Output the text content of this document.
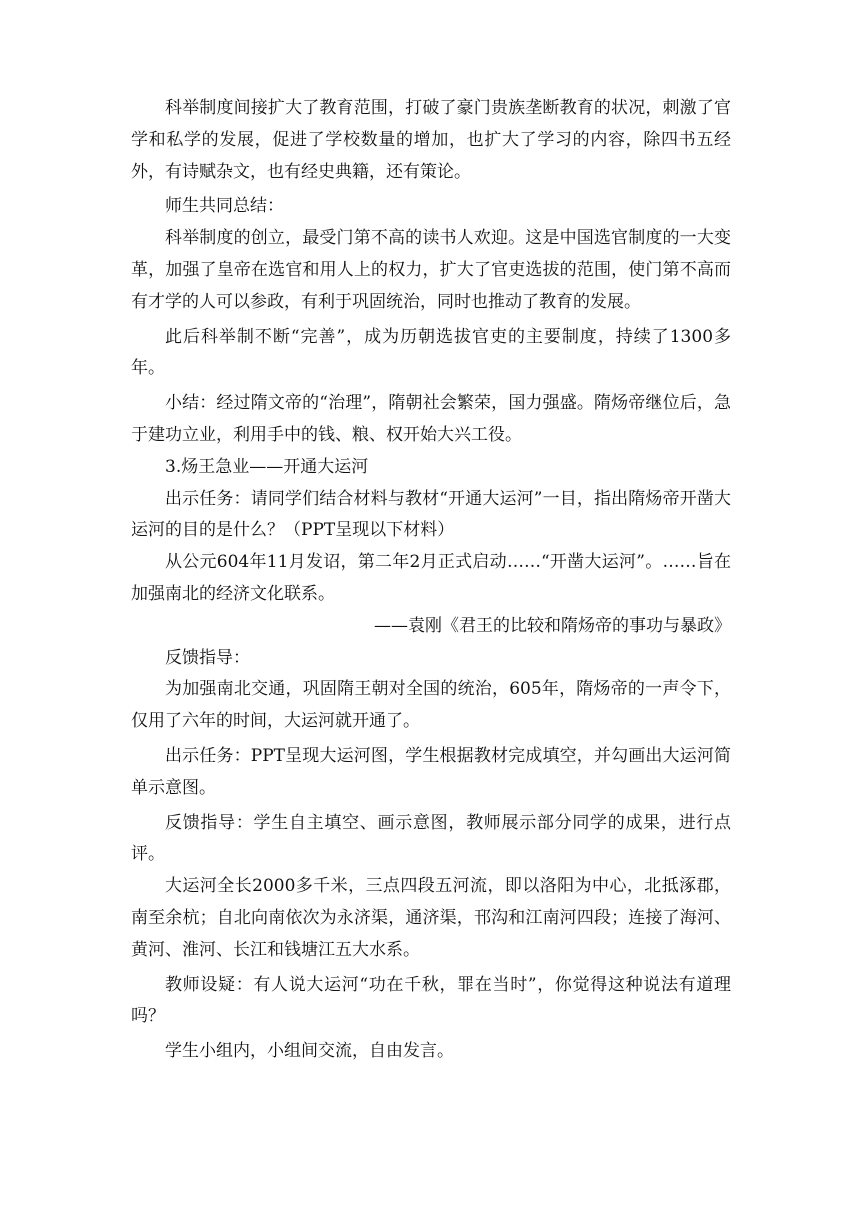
科举制度间接扩大了教育范围，打破了豪门贵族垄断教育的状况，刺激了官学和私学的发展，促进了学校数量的增加，也扩大了学习的内容，除四书五经外，有诗赋杂文，也有经史典籍，还有策论。

师生共同总结：

科举制度的创立，最受门第不高的读书人欢迎。这是中国选官制度的一大变革，加强了皇帝在选官和用人上的权力，扩大了官吏选拔的范围，使门第不高而有才学的人可以参政，有利于巩固统治，同时也推动了教育的发展。

此后科举制不断“完善”，成为历朝选拔官吏的主要制度，持续了1300多年。

小结：经过隋文帝的“治理”，隋朝社会繁荣，国力强盛。隋炀帝继位后，急于建功立业，利用手中的钱、粮、权开始大兴工役。

3.炀王急业——开通大运河

出示任务：请同学们结合材料与教材“开通大运河”一目，指出隋炀帝开凿大运河的目的是什么？（PPT呈现以下材料）

从公元604年11月发诏，第二年2月正式启动……“开凿大运河”。……旨在加强南北的经济文化联系。

——袁刚《君王的比较和隋炀帝的事功与暴政》

反馈指导：

为加强南北交通，巩固隋王朝对全国的统治，605年，隋炀帝的一声令下，仅用了六年的时间，大运河就开通了。

出示任务：PPT呈现大运河图，学生根据教材完成填空，并勾画出大运河简单示意图。

反馈指导：学生自主填空、画示意图，教师展示部分同学的成果，进行点评。

大运河全长2000多千米，三点四段五河流，即以洛阳为中心，北抵涿郡，南至余杭；自北向南依次为永济渠，通济渠，邗沟和江南河四段；连接了海河、黄河、淮河、长江和钱塘江五大水系。

教师设疑：有人说大运河“功在千秋，罪在当时”，你觉得这种说法有道理吗？

学生小组内，小组间交流，自由发言。
